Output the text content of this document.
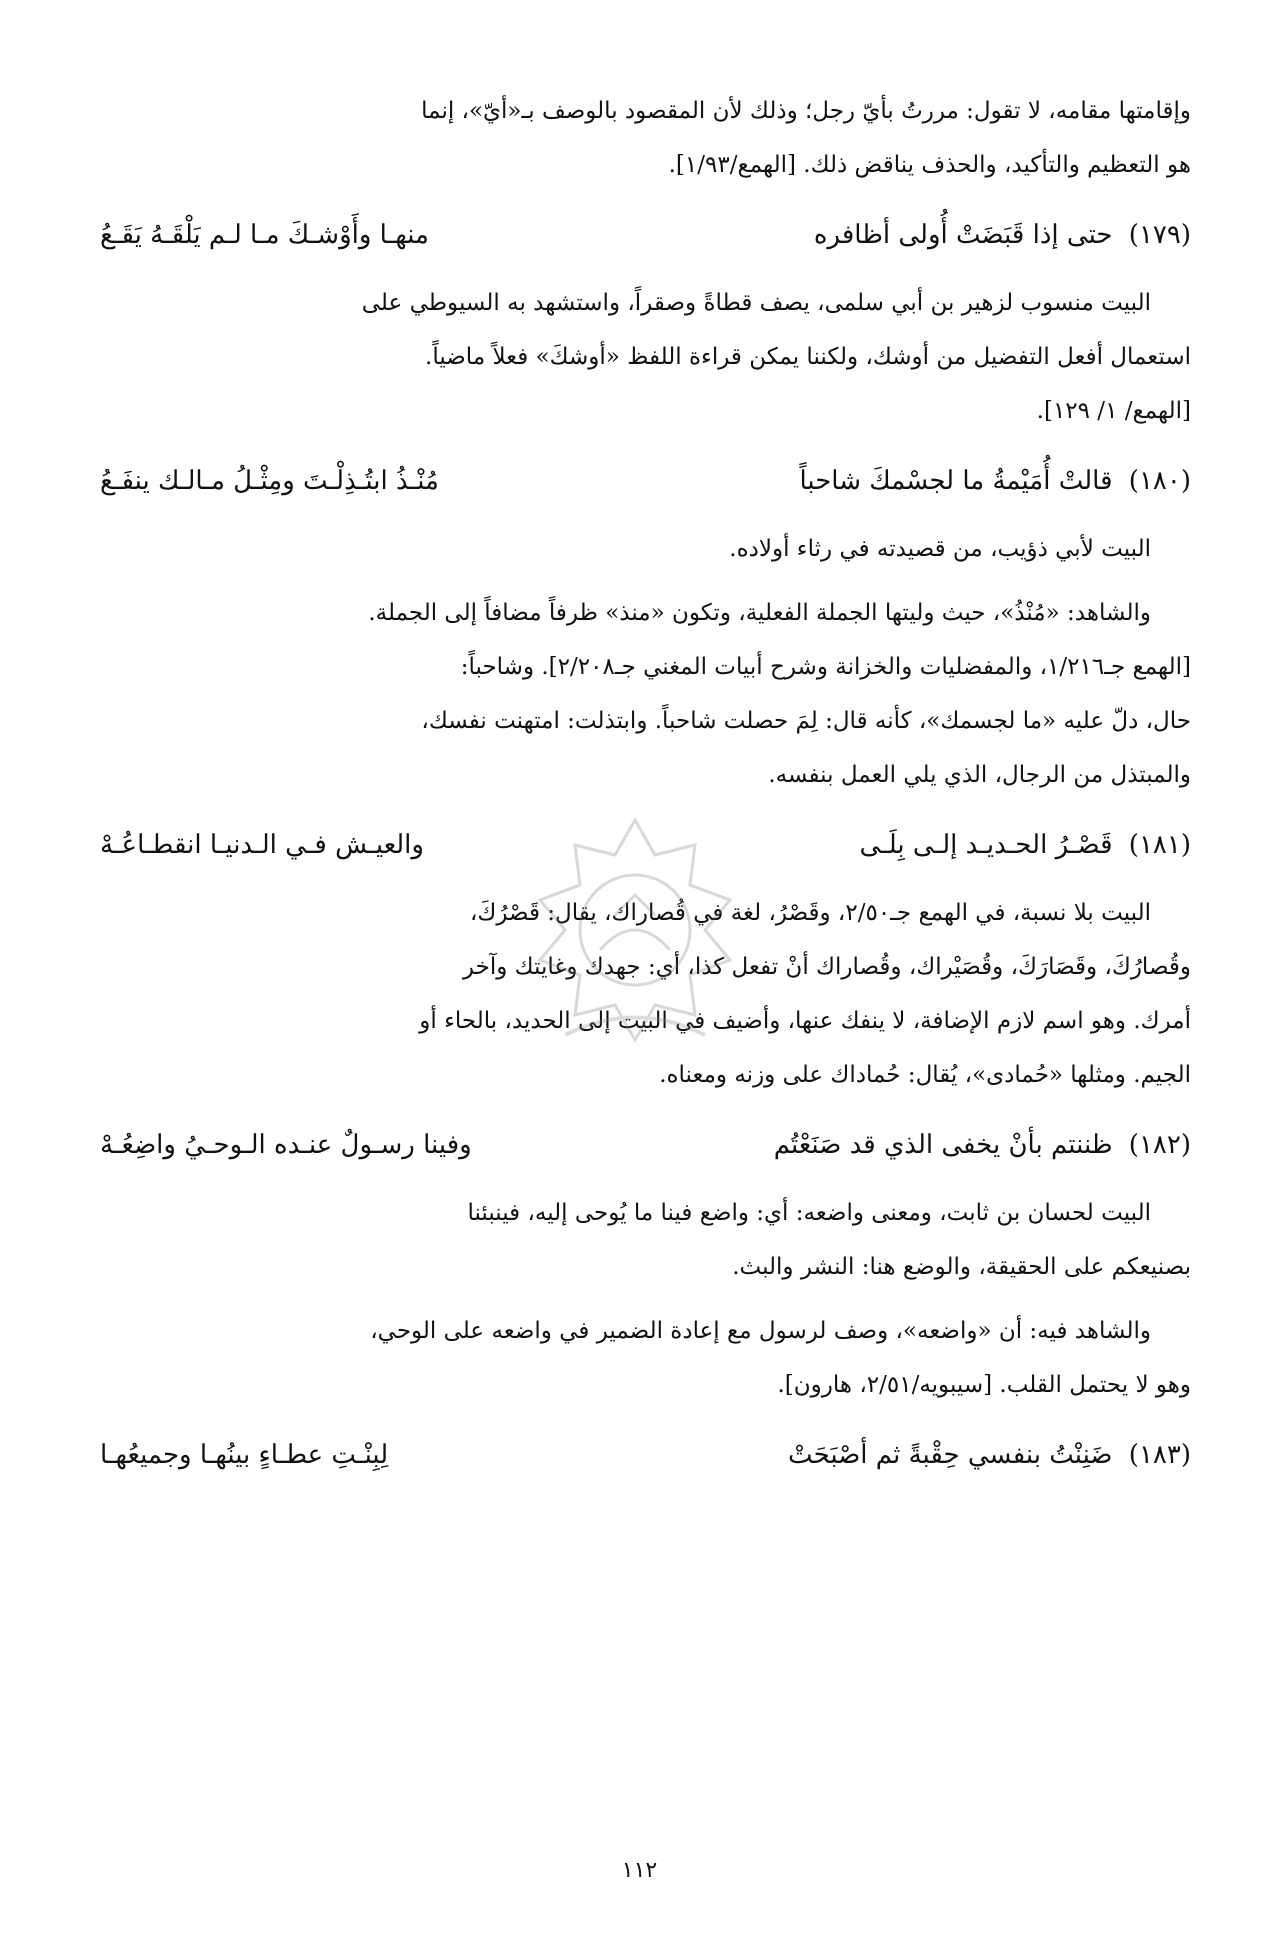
وإقامتها مقامه، لا تقول: مررتُ بأيّ رجل؛ وذلك لأن المقصود بالوصف بـ«أيّ»، إنما

هو التعظيم والتأكيد، والحذف يناقض ذلك. [الهمع/١/٩٣].

(١٧٩) حتى إذا قَبَضَتْ أُولى أظافره
منهـا وأَوْشـكَ مـا لـم يَلْقَـهُ يَقَـعُ

البيت منسوب لزهير بن أبي سلمى، يصف قطاةً وصقراً، واستشهد به السيوطي على

استعمال أفعل التفضيل من أوشك، ولكننا يمكن قراءة اللفظ «أوشكَ» فعلاً ماضياً.

[الهمع/ ١/ ١٢٩].

(١٨٠) قالتْ أُمَيْمةُ ما لجسْمكَ شاحباً
مُنْـذُ ابتُـذِلْـتَ ومِثْـلُ مـالـك ينفَـعُ

البيت لأبي ذؤيب، من قصيدته في رثاء أولاده.

والشاهد: «مُنْذُ»، حيث وليتها الجملة الفعلية، وتكون «منذ» ظرفاً مضافاً إلى الجملة.

[الهمع جـ١/٢١٦، والمفضليات والخزانة وشرح أبيات المغني جـ٢/٢٠٨]. وشاحباً:

حال، دلّ عليه «ما لجسمك»، كأنه قال: لِمَ حصلت شاحباً. وابتذلت: امتهنت نفسك،

والمبتذل من الرجال، الذي يلي العمل بنفسه.

(١٨١) قَصْـرُ الحـديـد إلـى بِلَـى
والعيـش فـي الـدنيـا انقطـاعُـهْ

البيت بلا نسبة، في الهمع جـ٢/٥٠، وقَصْرُ، لغة في قُصاراك، يقال: قَصْرُكَ،

وقُصارُكَ، وقَصَارَكَ، وقُصَيْراك، وقُصاراك أنْ تفعل كذا، أي: جهدك وغايتك وآخر

أمرك. وهو اسم لازم الإضافة، لا ينفك عنها، وأضيف في البيت إلى الحديد، بالحاء أو

الجيم. ومثلها «حُمادى»، يُقال: حُماداك على وزنه ومعناه.

(١٨٢) ظننتم بأنْ يخفى الذي قد صَنَعْتُم
وفينا رسـولٌ عنـده الـوحـيُ واضِعُـهْ

البيت لحسان بن ثابت، ومعنى واضعه: أي: واضع فينا ما يُوحى إليه، فينبئنا

بصنيعكم على الحقيقة، والوضع هنا: النشر والبث.

والشاهد فيه: أن «واضعه»، وصف لرسول مع إعادة الضمير في واضعه على الوحي،

وهو لا يحتمل القلب. [سيبويه/٢/٥١، هارون].

(١٨٣) ضَنِنْتُ بنفسي حِقْبةً ثم أصْبَحَتْ
لِبِنْـتِ عطـاءٍ بينُهـا وجميعُهـا
١١٢
